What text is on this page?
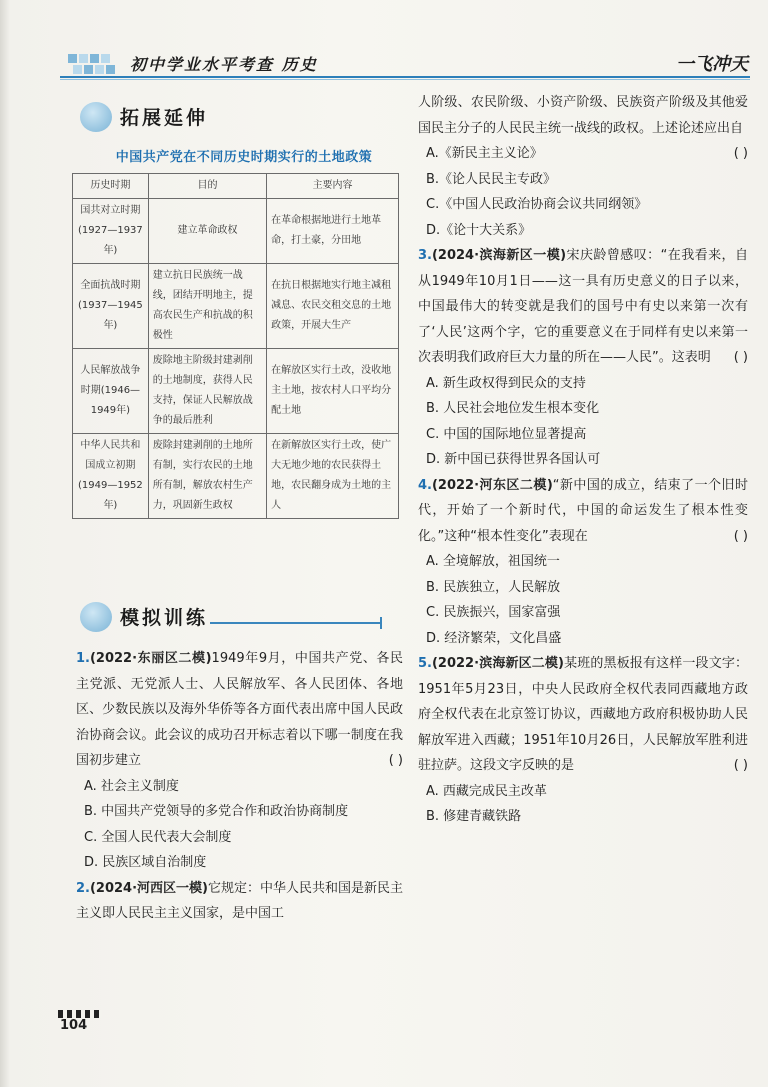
初中学业水平考查 历史	一飞冲天
拓展延伸
中国共产党在不同历史时期实行的土地政策
历史时期	目的	主要内容
国共对立时期(1927—1937年)	建立革命政权	在革命根据地进行土地革命，打土豪，分田地
全面抗战时期(1937—1945年)	建立抗日民族统一战线，团结开明地主，提高农民生产和抗战的积极性	在抗日根据地实行地主减租减息、农民交租交息的土地政策，开展大生产
人民解放战争时期(1946—1949年)	废除地主阶级封建剥削的土地制度，获得人民支持，保证人民解放战争的最后胜利	在解放区实行土改，没收地主土地，按农村人口平均分配土地
中华人民共和国成立初期(1949—1952年)	废除封建剥削的土地所有制，实行农民的土地所有制，解放农村生产力，巩固新生政权	在新解放区实行土改，使广大无地少地的农民获得土地，农民翻身成为土地的主人
模拟训练

1.(2022·东丽区二模)1949年9月，中国共产党、各民主党派、无党派人士、人民解放军、各人民团体、各地区、少数民族以及海外华侨等各方面代表出席中国人民政治协商会议。此会议的成功召开标志着以下哪一制度在我国初步建立	( )

A. 社会主义制度

B. 中国共产党领导的多党合作和政治协商制度

C. 全国人民代表大会制度

D. 民族区域自治制度

2.(2024·河西区一模)它规定：中华人民共和国是新民主主义即人民民主主义国家，是中国工

人阶级、农民阶级、小资产阶级、民族资产阶级及其他爱国民主分子的人民民主统一战线的政权。上述论述应出自
( )

A.《新民主主义论》

B.《论人民民主专政》

C.《中国人民政治协商会议共同纲领》

D.《论十大关系》

3.(2024·滨海新区一模)宋庆龄曾感叹：“在我看来，自从1949年10月1日——这一具有历史意义的日子以来，中国最伟大的转变就是我们的国号中有史以来第一次有了‘人民’这两个字，它的重要意义在于同样有史以来第一次表明我们政府巨大力量的所在——人民”。这表明 ( )

A. 新生政权得到民众的支持

B. 人民社会地位发生根本变化

C. 中国的国际地位显著提高

D. 新中国已获得世界各国认可

4.(2022·河东区二模)“新中国的成立，结束了一个旧时代，开始了一个新时代，中国的命运发生了根本性变化。”这种“根本性变化”表现在	( )

A. 全境解放，祖国统一

B. 民族独立，人民解放

C. 民族振兴，国家富强

D. 经济繁荣，文化昌盛

5.(2022·滨海新区二模)某班的黑板报有这样一段文字：1951年5月23日，中央人民政府全权代表同西藏地方政府全权代表在北京签订协议，西藏地方政府积极协助人民解放军进入西藏；1951年10月26日，人民解放军胜利进驻拉萨。这段文字反映的是	( )

A. 西藏完成民主改革

B. 修建青藏铁路

104
